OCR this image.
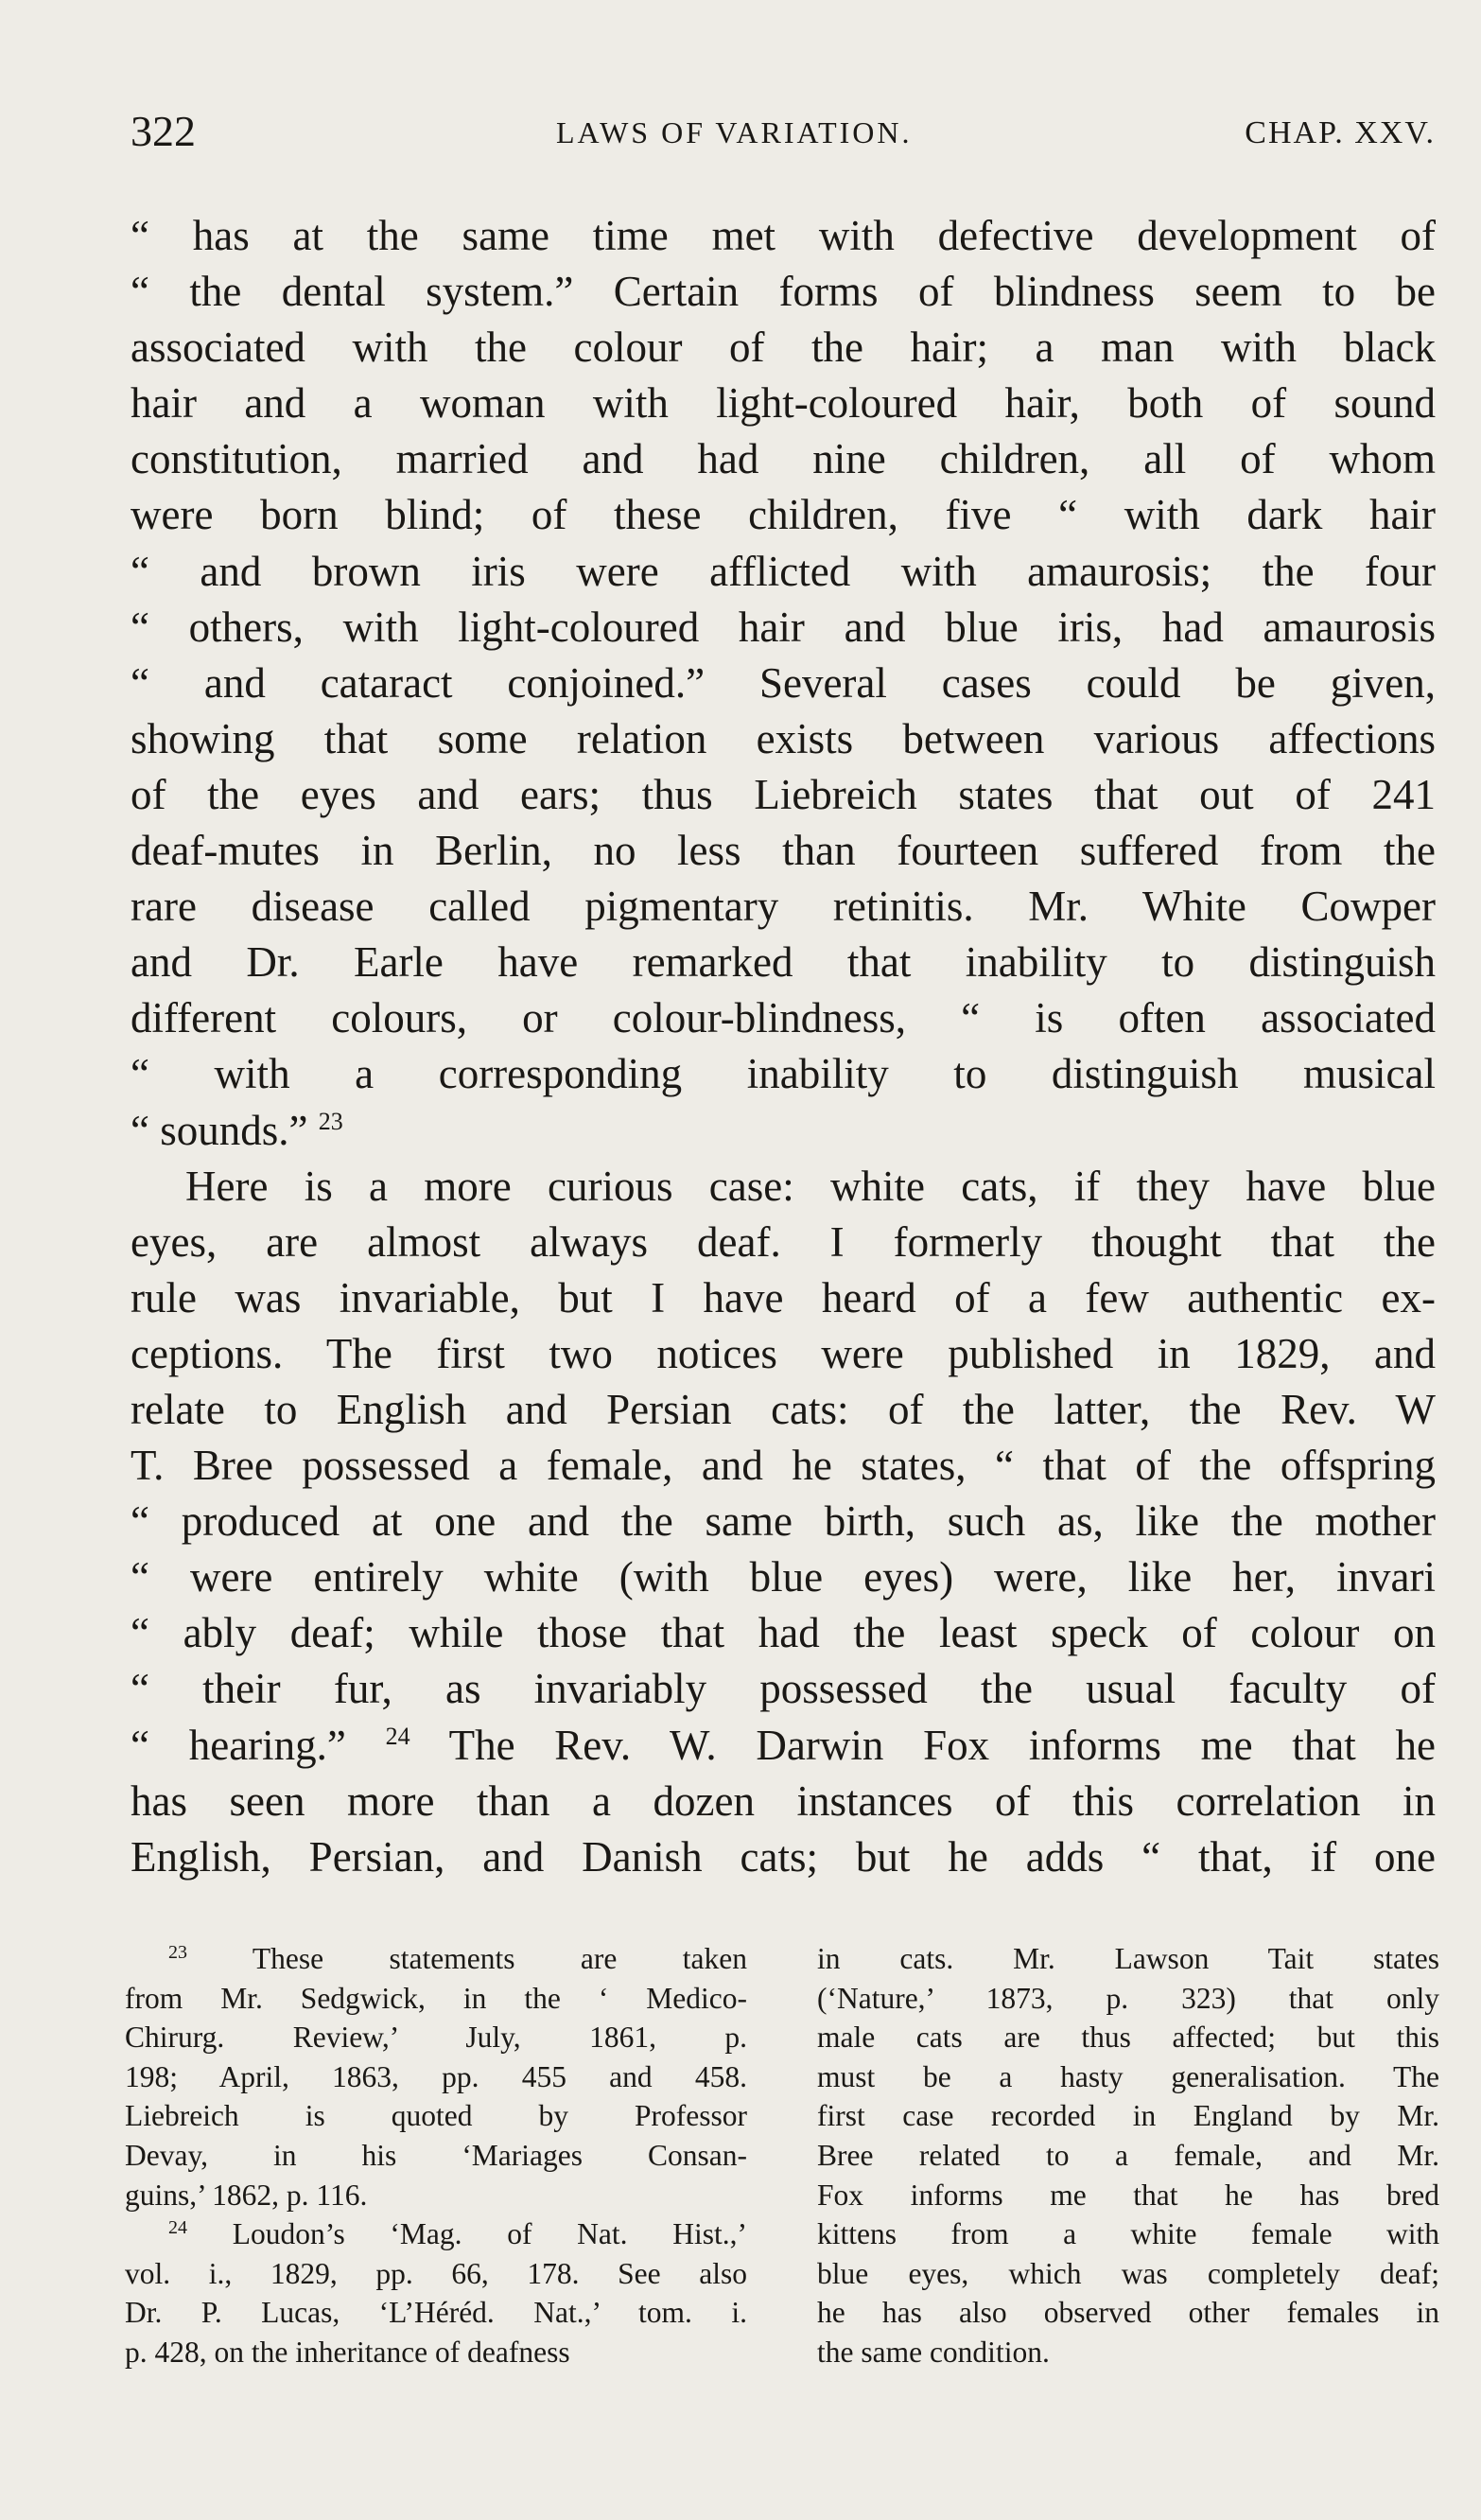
322	LAWS OF VARIATION.	CHAP. XXV.
“ has at the same time met with defective development of
“ the dental system.” Certain forms of blindness seem to be
associated with the colour of the hair; a man with black
hair and a woman with light-coloured hair, both of sound
constitution, married and had nine children, all of whom
were born blind; of these children, five “ with dark hair
“ and brown iris were afflicted with amaurosis; the four
“ others, with light-coloured hair and blue iris, had amaurosis
“ and cataract conjoined.” Several cases could be given,
showing that some relation exists between various affections
of the eyes and ears; thus Liebreich states that out of 241
deaf-mutes in Berlin, no less than fourteen suffered from the
rare disease called pigmentary retinitis. Mr. White Cowper
and Dr. Earle have remarked that inability to distinguish
different colours, or colour-blindness, “ is often associated
“ with a corresponding inability to distinguish musical
“ sounds.” $^{23}$
Here is a more curious case: white cats, if they have blue
eyes, are almost always deaf. I formerly thought that the
rule was invariable, but I have heard of a few authentic ex-
ceptions. The first two notices were published in 1829, and
relate to English and Persian cats: of the latter, the Rev. W
T. Bree possessed a female, and he states, “ that of the offspring
“ produced at one and the same birth, such as, like the mother
“ were entirely white (with blue eyes) were, like her, invari
“ ably deaf; while those that had the least speck of colour on
“ their fur, as invariably possessed the usual faculty of
“ hearing.” $^{24}$ The Rev. W. Darwin Fox informs me that he
has seen more than a dozen instances of this correlation in
English, Persian, and Danish cats; but he adds “ that, if one
$^{23}$ These statements are taken
from Mr. Sedgwick, in the ‘ Medico-
Chirurg. Review,’ July, 1861, p.
198; April, 1863, pp. 455 and 458.
Liebreich is quoted by Professor
Devay, in his ‘Mariages Consan-
guins,’ 1862, p. 116.
$^{24}$ Loudon’s ‘Mag. of Nat. Hist.,’
vol. i., 1829, pp. 66, 178. See also
Dr. P. Lucas, ‘L’Héréd. Nat.,’ tom. i.
p. 428, on the inheritance of deafness
in cats. Mr. Lawson Tait states
(‘Nature,’ 1873, p. 323) that only
male cats are thus affected; but this
must be a hasty generalisation. The
first case recorded in England by Mr.
Bree related to a female, and Mr.
Fox informs me that he has bred
kittens from a white female with
blue eyes, which was completely deaf;
he has also observed other females in
the same condition.
